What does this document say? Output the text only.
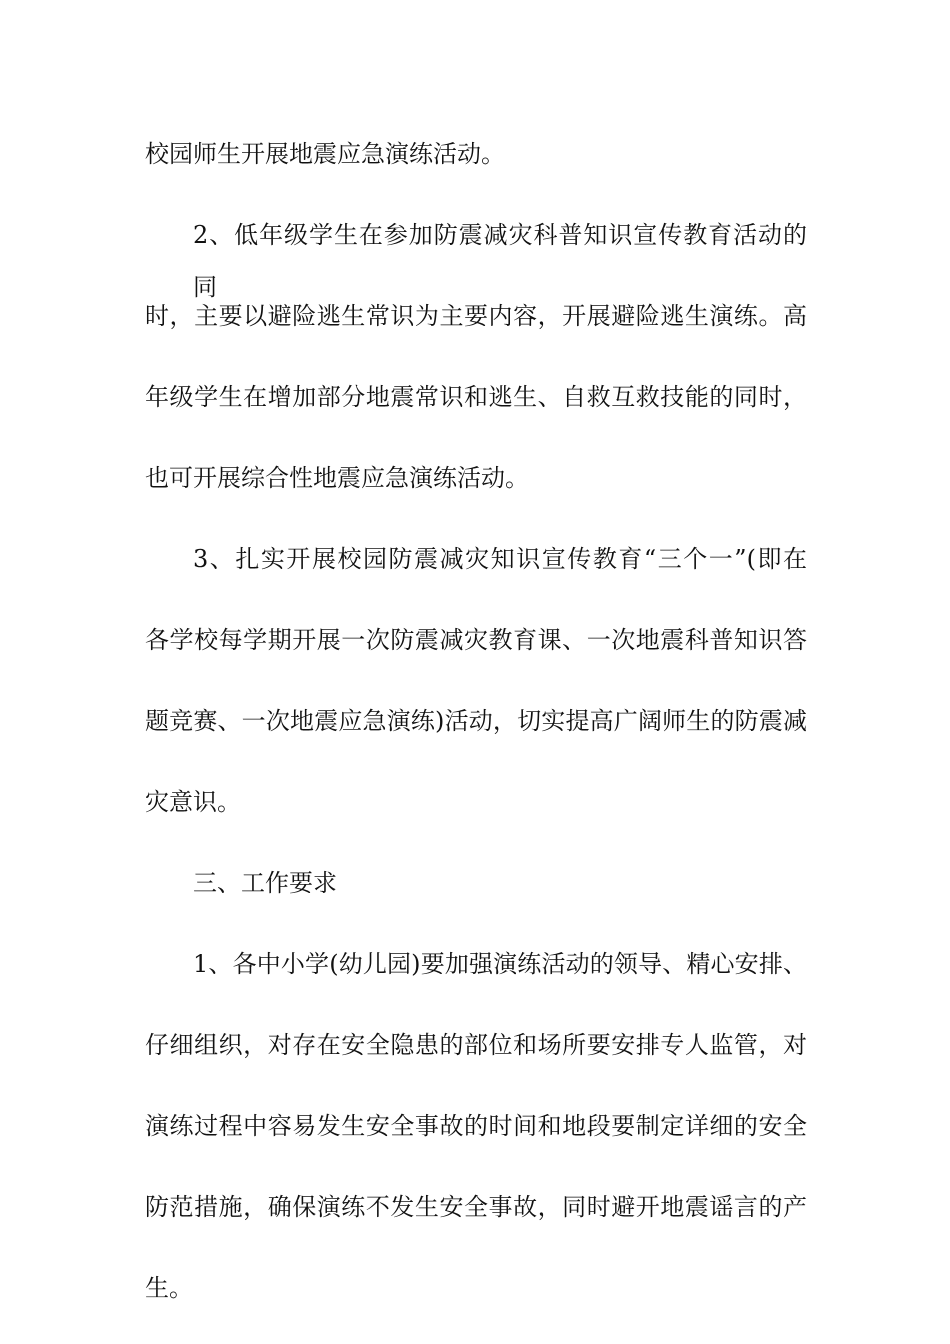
校园师生开展地震应急演练活动。
2、低年级学生在参加防震减灾科普知识宣传教育活动的同
时，主要以避险逃生常识为主要内容，开展避险逃生演练。高
年级学生在增加部分地震常识和逃生、自救互救技能的同时，
也可开展综合性地震应急演练活动。
3、扎实开展校园防震减灾知识宣传教育“三个一”(即在
各学校每学期开展一次防震减灾教育课、一次地震科普知识答
题竞赛、一次地震应急演练)活动，切实提高广阔师生的防震减
灾意识。
三、工作要求
1、各中小学(幼儿园)要加强演练活动的领导、精心安排、
仔细组织，对存在安全隐患的部位和场所要安排专人监管，对
演练过程中容易发生安全事故的时间和地段要制定详细的安全
防范措施，确保演练不发生安全事故，同时避开地震谣言的产
生。
